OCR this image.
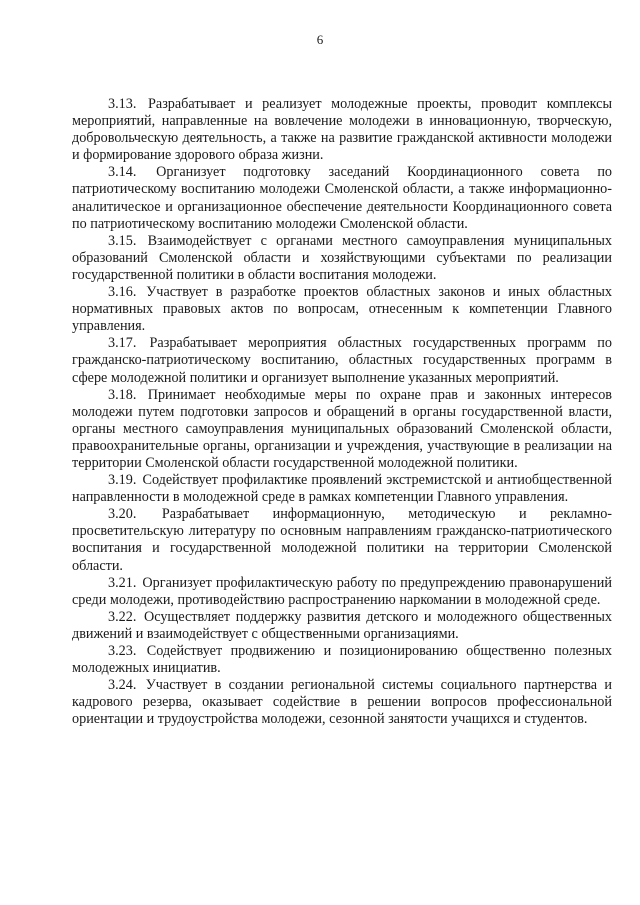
6

3.13. Разрабатывает и реализует молодежные проекты, проводит комплексы мероприятий, направленные на вовлечение молодежи в инновационную, творческую, добровольческую деятельность, а также на развитие гражданской активности молодежи и формирование здорового образа жизни.

3.14. Организует подготовку заседаний Координационного совета по патриотическому воспитанию молодежи Смоленской области, а также информационно-аналитическое и организационное обеспечение деятельности Координационного совета по патриотическому воспитанию молодежи Смоленской области.

3.15. Взаимодействует с органами местного самоуправления муниципальных образований Смоленской области и хозяйствующими субъектами по реализации государственной политики в области воспитания молодежи.

3.16. Участвует в разработке проектов областных законов и иных областных нормативных правовых актов по вопросам, отнесенным к компетенции Главного управления.

3.17. Разрабатывает мероприятия областных государственных программ по гражданско-патриотическому воспитанию, областных государственных программ в сфере молодежной политики и организует выполнение указанных мероприятий.

3.18. Принимает необходимые меры по охране прав и законных интересов молодежи путем подготовки запросов и обращений в органы государственной власти, органы местного самоуправления муниципальных образований Смоленской области, правоохранительные органы, организации и учреждения, участвующие в реализации на территории Смоленской области государственной молодежной политики.

3.19. Содействует профилактике проявлений экстремистской и антиобщественной направленности в молодежной среде в рамках компетенции Главного управления.

3.20. Разрабатывает информационную, методическую и рекламно-просветительскую литературу по основным направлениям гражданско-патриотического воспитания и государственной молодежной политики на территории Смоленской области.

3.21. Организует профилактическую работу по предупреждению правонарушений среди молодежи, противодействию распространению наркомании в молодежной среде.

3.22. Осуществляет поддержку развития детского и молодежного общественных движений и взаимодействует с общественными организациями.

3.23. Содействует продвижению и позиционированию общественно полезных молодежных инициатив.

3.24. Участвует в создании региональной системы социального партнерства и кадрового резерва, оказывает содействие в решении вопросов профессиональной ориентации и трудоустройства молодежи, сезонной занятости учащихся и студентов.
